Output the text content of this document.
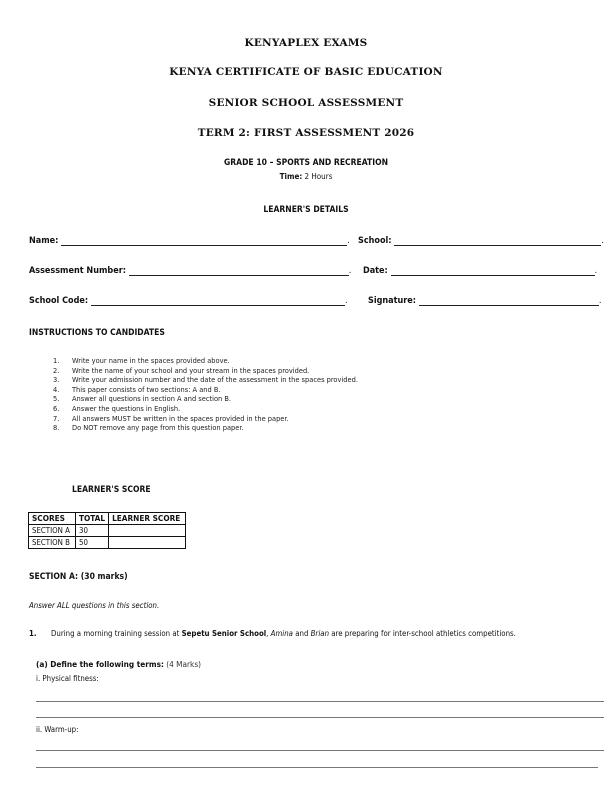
KENYAPLEX EXAMS
KENYA CERTIFICATE OF BASIC EDUCATION
SENIOR SCHOOL ASSESSMENT
TERM 2: FIRST ASSESSMENT 2026
GRADE 10 – SPORTS AND RECREATION
Time: 2 Hours
LEARNER'S DETAILS
Name:	. School:	.
Assessment Number:	. Date:	.
School Code:	. Signature:	.
INSTRUCTIONS TO CANDIDATES
1.	Write your name in the spaces provided above.
2.	Write the name of your school and your stream in the spaces provided.
3.	Write your admission number and the date of the assessment in the spaces provided.
4.	This paper consists of two sections: A and B.
5.	Answer all questions in section A and section B.
6.	Answer the questions in English.
7.	All answers MUST be written in the spaces provided in the paper.
8.	Do NOT remove any page from this question paper.
LEARNER'S SCORE
SCORES	TOTAL	LEARNER SCORE
SECTION A	30	
SECTION B	50	
SECTION A: (30 marks)
Answer ALL questions in this section.
1. During a morning training session at Sepetu Senior School, Amina and Brian are preparing for inter-school athletics competitions.
(a) Define the following terms: (4 Marks)
i. Physical fitness:
ii. Warm-up:
